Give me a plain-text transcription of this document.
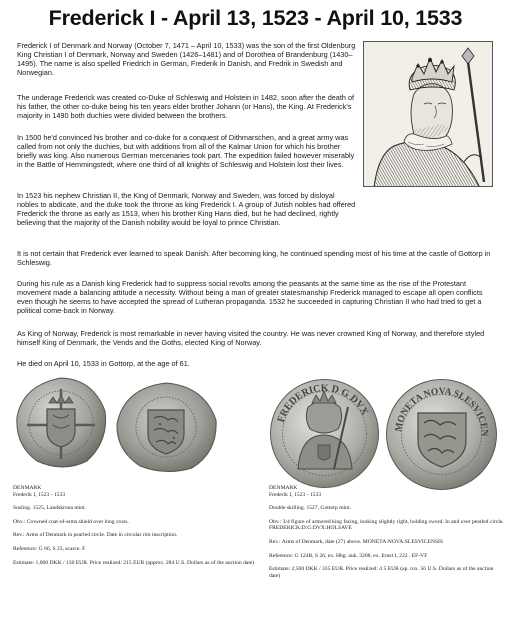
Frederick I - April 13, 1523 - April 10, 1533
Frederick I of Denmark and Norway (October 7, 1471 – April 10, 1533) was the son of the first Oldenburg King Christian I of Denmark, Norway and Sweden (1426–1481) and of Dorothea of Brandenburg (1430–1495). The name is also spelled Friedrich in German, Frederik in Danish, and Fredrik in Swedish and Norwegian.
The underage Frederick was created co-Duke of Schleswig and Holstein in 1482, soon after the death of his father, the other co-duke being his ten years elder brother Johann (or Hans), the King. At Frederick's majority in 1490 both duchies were divided between the brothers.
In 1500 he'd convinced his brother and co-duke for a conquest of Dithmarschen, and a great army was called from not only the duchies, but with additions from all of the Kalmar Union for which his brother briefly was king. Also numerous German mercenaries took part. The expedition failed however miserably in the Battle of Hemmingstedt, where one third of all knights of Schleswig and Holstein lost their lives.
In 1523 his nephew Christian II, the King of Denmark, Norway and Sweden, was forced by disloyal nobles to abdicate, and the duke took the throne as king Frederick I. A group of Jutish nobles had offered Frederick the throne as early as 1513, when his brother King Hans died, but he had declined, rightly believing that the majority of the Danish nobility would be loyal to prince Christian.
It is not certain that Frederick ever learned to speak Danish. After becoming king, he continued spending most of his time at the castle of Gottorp in Schleswig.
During his rule as a Danish king Frederick had to suppress social revolts among the peasants at the same time as the rise of the Protestant movement made a balancing attitude a necessity. Without being a man of greater statesmanship Frederick managed to escape all open conflicts even though he seems to have accepted the spread of Lutheran propaganda. 1532 he succeeded in capturing Christian II who had tried to get a political come-back in Norway.
As King of Norway, Frederick is most remarkable in never having visited the country. He was never crowned King of Norway, and therefore styled himself King of Denmark, the Vends and the Goths, elected King of Norway.
He died on April 10, 1533 in Gottorp, at the age of 61.
FREDERICK D G DVX
MONETA NOVA SLESVICEN
DENMARK
Frederik I, 1523 - 1533
Sosling. 1525, Landskrona mint.
Obv.: Crowned coat-of-arms shield over long cross.
Rev.: Arms of Denmark in pearled circle. Date in circular rim inscription.
Reference: G 66, S 23, scarce. F
Estimate: 1,000 DKK / 130 EUR. Price realized: 215 EUR (approx. 284 U.S. Dollars as of the auction date)
DENMARK
Frederik I, 1523 - 1533
Double skilling. 1527, Gottorp mint.
Obv.: 3/4 figure of armored king facing, looking slightly right, holding sword. In and over pearled circle. FREDERICK:D:G:DVX:HOLSAVE
Rev.: Arms of Denmark, date (27) above. MONETA:NOVA:SLESVICENSIS
Reference: G 124B, S 26, ex. Hbg. auk. 3208, ex. Ernst I, 222 . EF-VF
Estimate: 2,500 DKK / 335 EUR. Price realized: 4 5 EUR (ap. rox. 56 U.S. Dollars as of the auction date)
